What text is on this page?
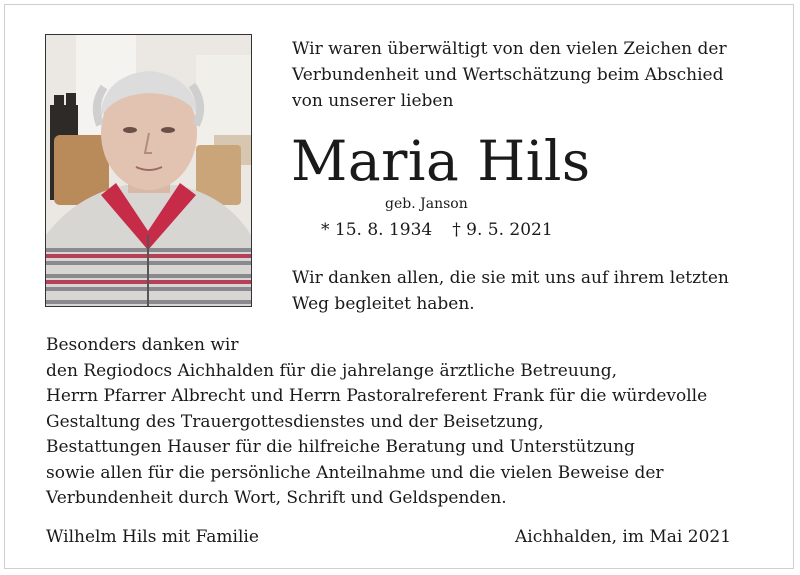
Wir waren überwältigt von den vielen Zeichen der
Verbundenheit und Wertschätzung beim Abschied
von unserer lieben
Maria Hils
geb. Janson
* 15. 8. 1934 † 9. 5. 2021
Wir danken allen, die sie mit uns auf ihrem letzten
Weg begleitet haben.
Besonders danken wir
den Regiodocs Aichhalden für die jahrelange ärztliche Betreuung,
Herrn Pfarrer Albrecht und Herrn Pastoralreferent Frank für die würdevolle
Gestaltung des Trauergottesdienstes und der Beisetzung,
Bestattungen Hauser für die hilfreiche Beratung und Unterstützung
sowie allen für die persönliche Anteilnahme und die vielen Beweise der
Verbundenheit durch Wort, Schrift und Geldspenden.
Wilhelm Hils mit Familie	Aichhalden, im Mai 2021
